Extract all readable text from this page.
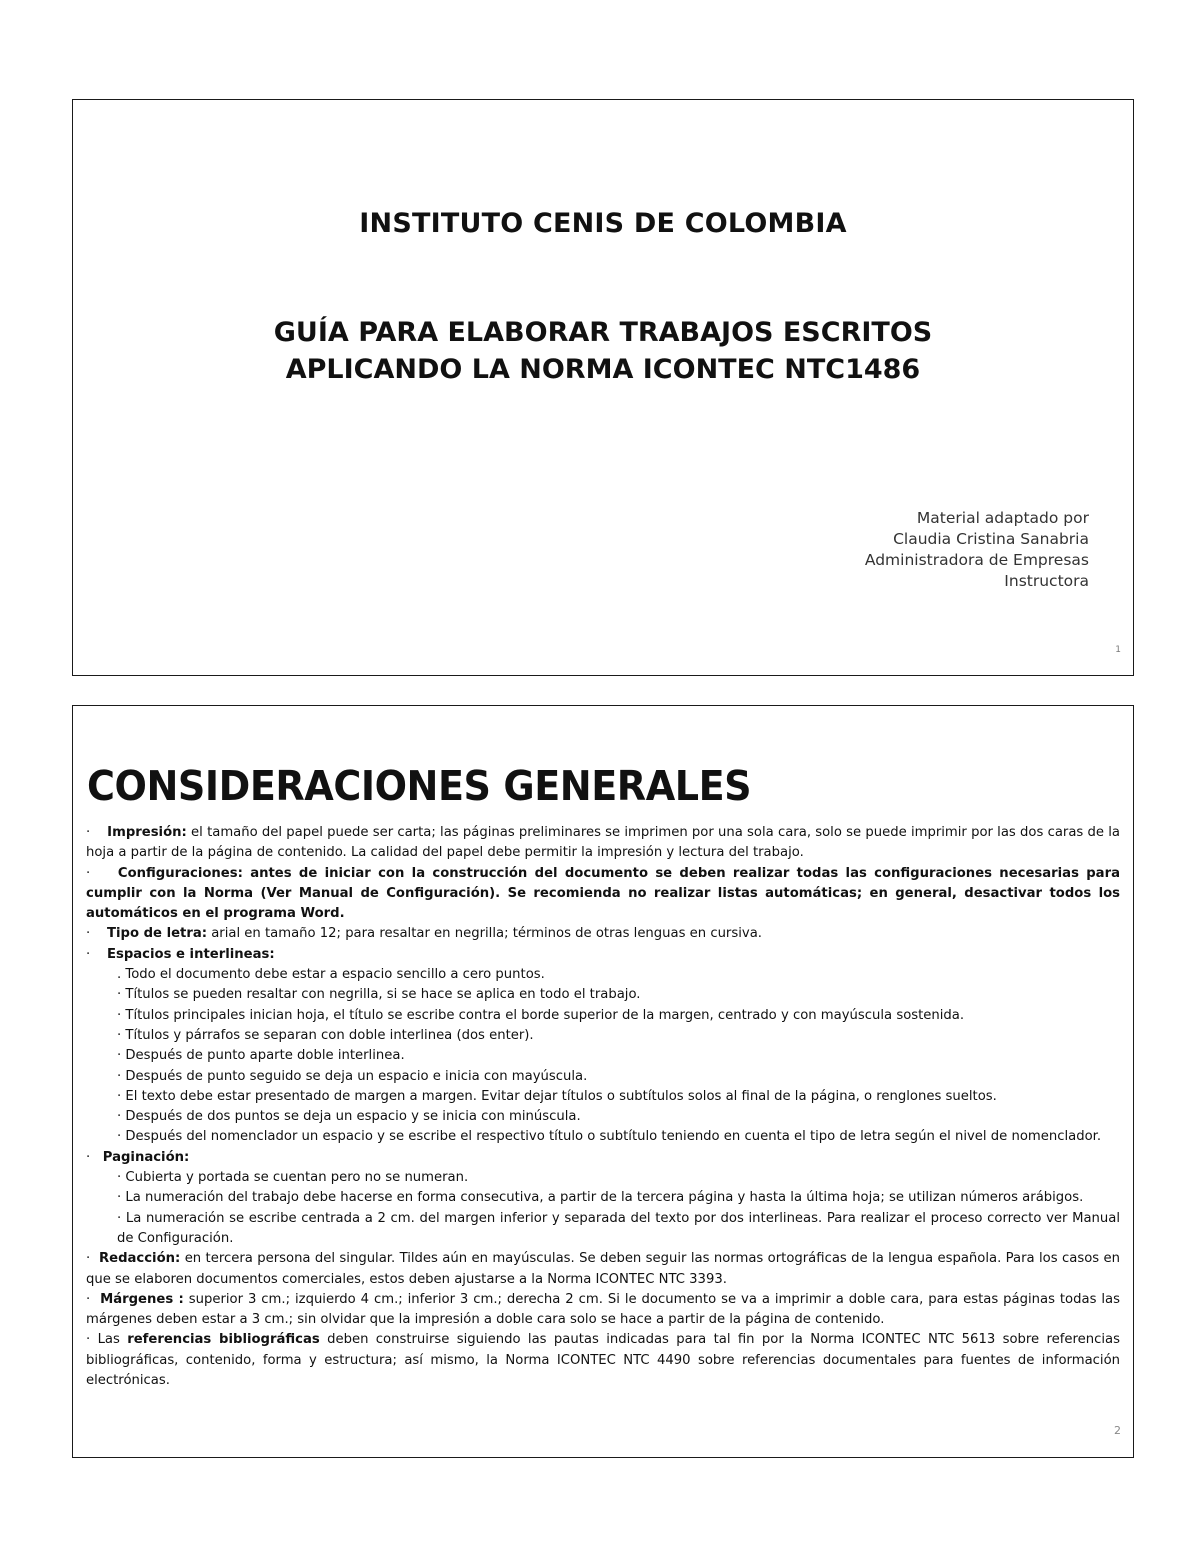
INSTITUTO CENIS DE COLOMBIA
GUÍA PARA ELABORAR TRABAJOS ESCRITOS
APLICANDO LA NORMA ICONTEC NTC1486
Material adaptado por
Claudia Cristina Sanabria
Administradora de Empresas
Instructora
1
CONSIDERACIONES GENERALES

· Impresión: el tamaño del papel puede ser carta; las páginas preliminares se imprimen por una sola cara, solo se puede imprimir por las dos caras de la hoja a partir de la página de contenido. La calidad del papel debe permitir la impresión y lectura del trabajo.

· Configuraciones: antes de iniciar con la construcción del documento se deben realizar todas las configuraciones necesarias para cumplir con la Norma (Ver Manual de Configuración). Se recomienda no realizar listas automáticas; en general, desactivar todos los automáticos en el programa Word.

· Tipo de letra: arial en tamaño 12; para resaltar en negrilla; términos de otras lenguas en cursiva.

· Espacios e interlineas:

. Todo el documento debe estar a espacio sencillo a cero puntos.

· Títulos se pueden resaltar con negrilla, si se hace se aplica en todo el trabajo.

· Títulos principales inician hoja, el título se escribe contra el borde superior de la margen, centrado y con mayúscula sostenida.

· Títulos y párrafos se separan con doble interlinea (dos enter).

· Después de punto aparte doble interlinea.

· Después de punto seguido se deja un espacio e inicia con mayúscula.

· El texto debe estar presentado de margen a margen. Evitar dejar títulos o subtítulos solos al final de la página, o renglones sueltos.

· Después de dos puntos se deja un espacio y se inicia con minúscula.

· Después del nomenclador un espacio y se escribe el respectivo título o subtítulo teniendo en cuenta el tipo de letra según el nivel de nomenclador.

· Paginación:

· Cubierta y portada se cuentan pero no se numeran.

· La numeración del trabajo debe hacerse en forma consecutiva, a partir de la tercera página y hasta la última hoja; se utilizan números arábigos.

· La numeración se escribe centrada a 2 cm. del margen inferior y separada del texto por dos interlineas. Para realizar el proceso correcto ver Manual de Configuración.

· Redacción: en tercera persona del singular. Tildes aún en mayúsculas. Se deben seguir las normas ortográficas de la lengua española. Para los casos en que se elaboren documentos comerciales, estos deben ajustarse a la Norma ICONTEC NTC 3393.

· Márgenes : superior 3 cm.; izquierdo 4 cm.; inferior 3 cm.; derecha 2 cm. Si le documento se va a imprimir a doble cara, para estas páginas todas las márgenes deben estar a 3 cm.; sin olvidar que la impresión a doble cara solo se hace a partir de la página de contenido.

· Las referencias bibliográficas deben construirse siguiendo las pautas indicadas para tal fin por la Norma ICONTEC NTC 5613 sobre referencias bibliográficas, contenido, forma y estructura; así mismo, la Norma ICONTEC NTC 4490 sobre referencias documentales para fuentes de información electrónicas.

2
